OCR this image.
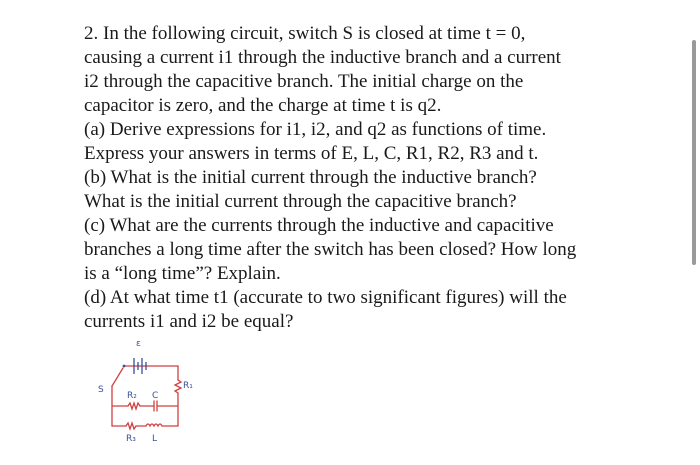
2. In the following circuit, switch S is closed at time t = 0,
causing a current i1 through the inductive branch and a current
i2 through the capacitive branch. The initial charge on the
capacitor is zero, and the charge at time t is q2.
(a) Derive expressions for i1, i2, and q2 as functions of time.
Express your answers in terms of E, L, C, R1, R2, R3 and t.
(b) What is the initial current through the inductive branch?
What is the initial current through the capacitive branch?
(c) What are the currents through the inductive and capacitive
branches a long time after the switch has been closed? How long
is a “long time”? Explain.
(d) At what time t1 (accurate to two significant figures) will the
currents i1 and i2 be equal?
ε
S	R₁
R₂ C
R₃ L
